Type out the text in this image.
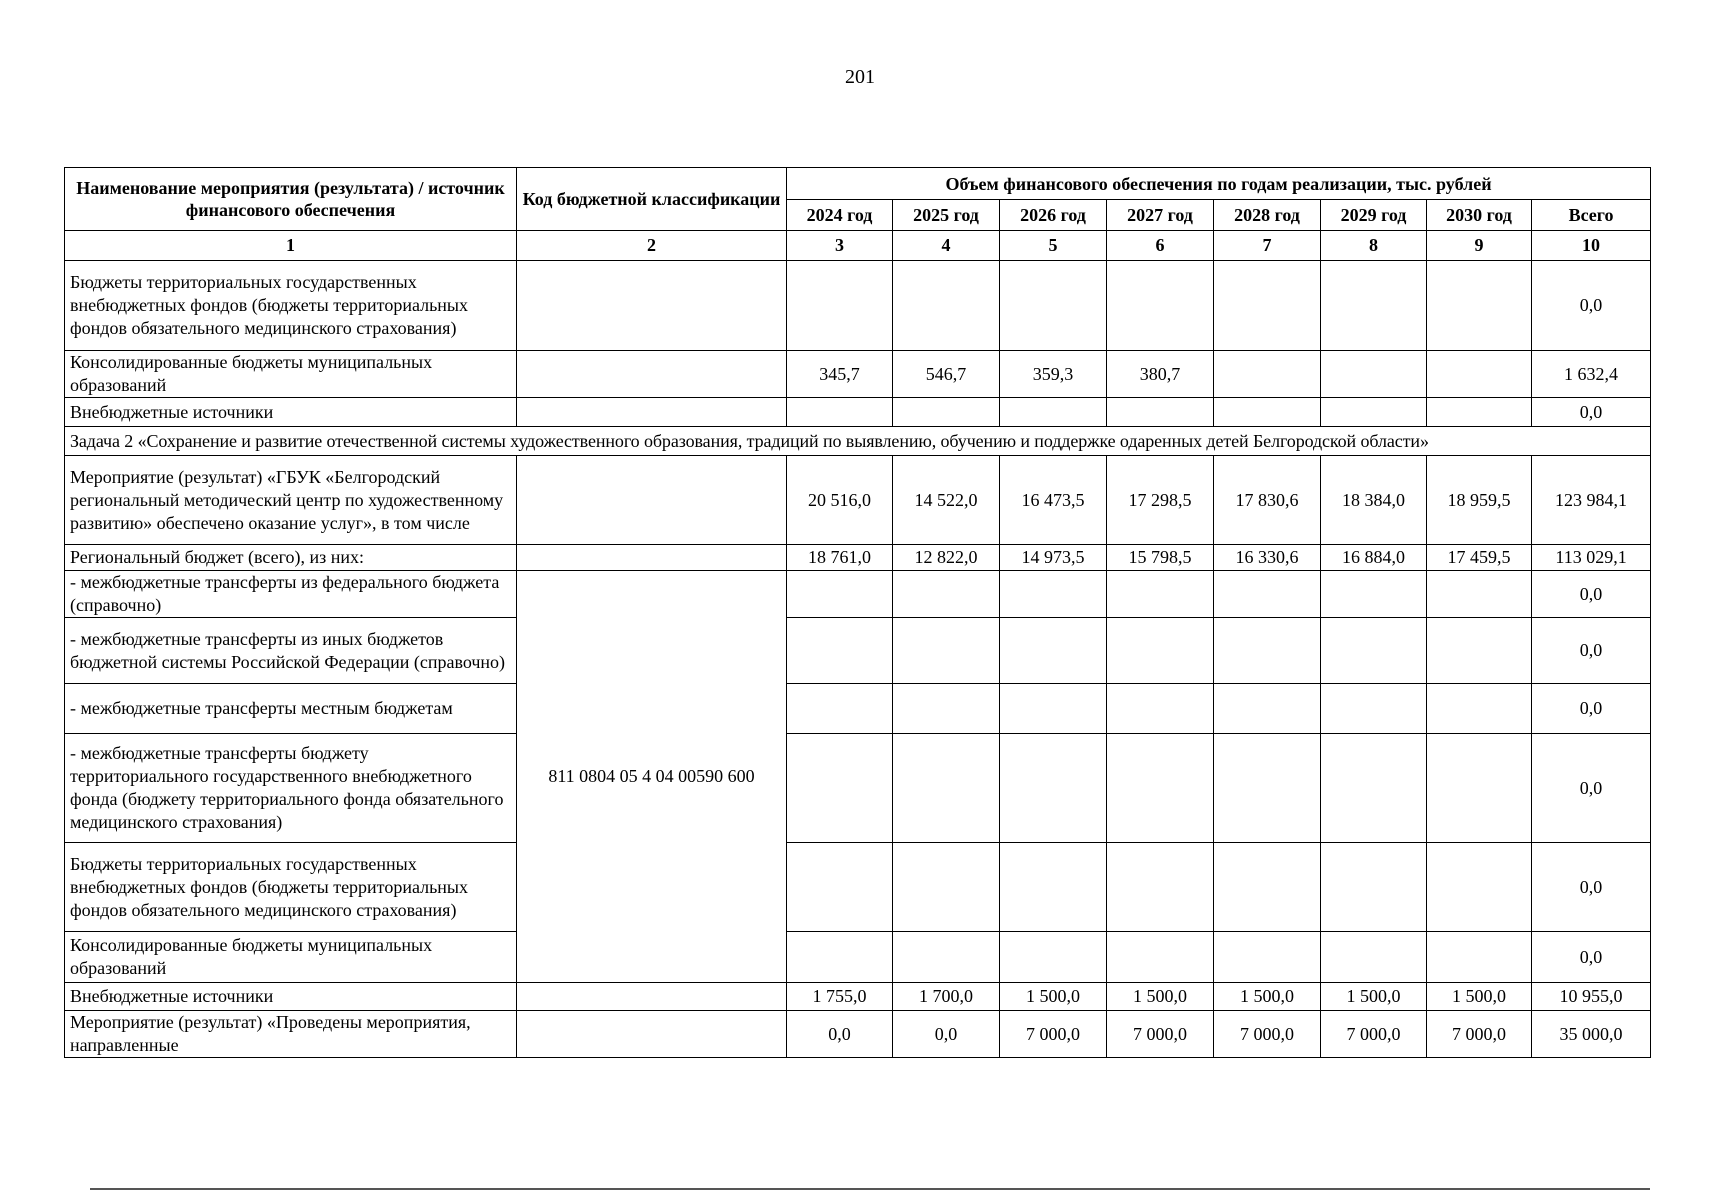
201
Наименование мероприятия (результата) / источник финансового обеспечения	Код бюджетной классификации	Объем финансового обеспечения по годам реализации, тыс. рублей							
		2024 год	2025 год	2026 год	2027 год	2028 год	2029 год	2030 год	Всего
1	2	3	4	5	6	7	8	9	10
Бюджеты территориальных государственных внебюджетных фондов (бюджеты территориальных фондов обязательного медицинского страхования)									0,0
Консолидированные бюджеты муниципальных образований		345,7	546,7	359,3	380,7				1 632,4
Внебюджетные источники									0,0
Задача 2 «Сохранение и развитие отечественной системы художественного образования, традиций по выявлению, обучению и поддержке одаренных детей Белгородской области»									
Мероприятие (результат) «ГБУК «Белгородский региональный методический центр по художественному развитию» обеспечено оказание услуг», в том числе		20 516,0	14 522,0	16 473,5	17 298,5	17 830,6	18 384,0	18 959,5	123 984,1
Региональный бюджет (всего), из них:		18 761,0	12 822,0	14 973,5	15 798,5	16 330,6	16 884,0	17 459,5	113 029,1
- межбюджетные трансферты из федерального бюджета (справочно)	811 0804 05 4 04 00590 600								0,0
- межбюджетные трансферты из иных бюджетов бюджетной системы Российской Федерации (справочно)									0,0
- межбюджетные трансферты местным бюджетам									0,0
- межбюджетные трансферты бюджету территориального государственного внебюджетного фонда (бюджету территориального фонда обязательного медицинского страхования)									0,0
Бюджеты территориальных государственных внебюджетных фондов (бюджеты территориальных фондов обязательного медицинского страхования)									0,0
Консолидированные бюджеты муниципальных образований									0,0
Внебюджетные источники		1 755,0	1 700,0	1 500,0	1 500,0	1 500,0	1 500,0	1 500,0	10 955,0
Мероприятие (результат) «Проведены мероприятия, направленные		0,0	0,0	7 000,0	7 000,0	7 000,0	7 000,0	7 000,0	35 000,0
